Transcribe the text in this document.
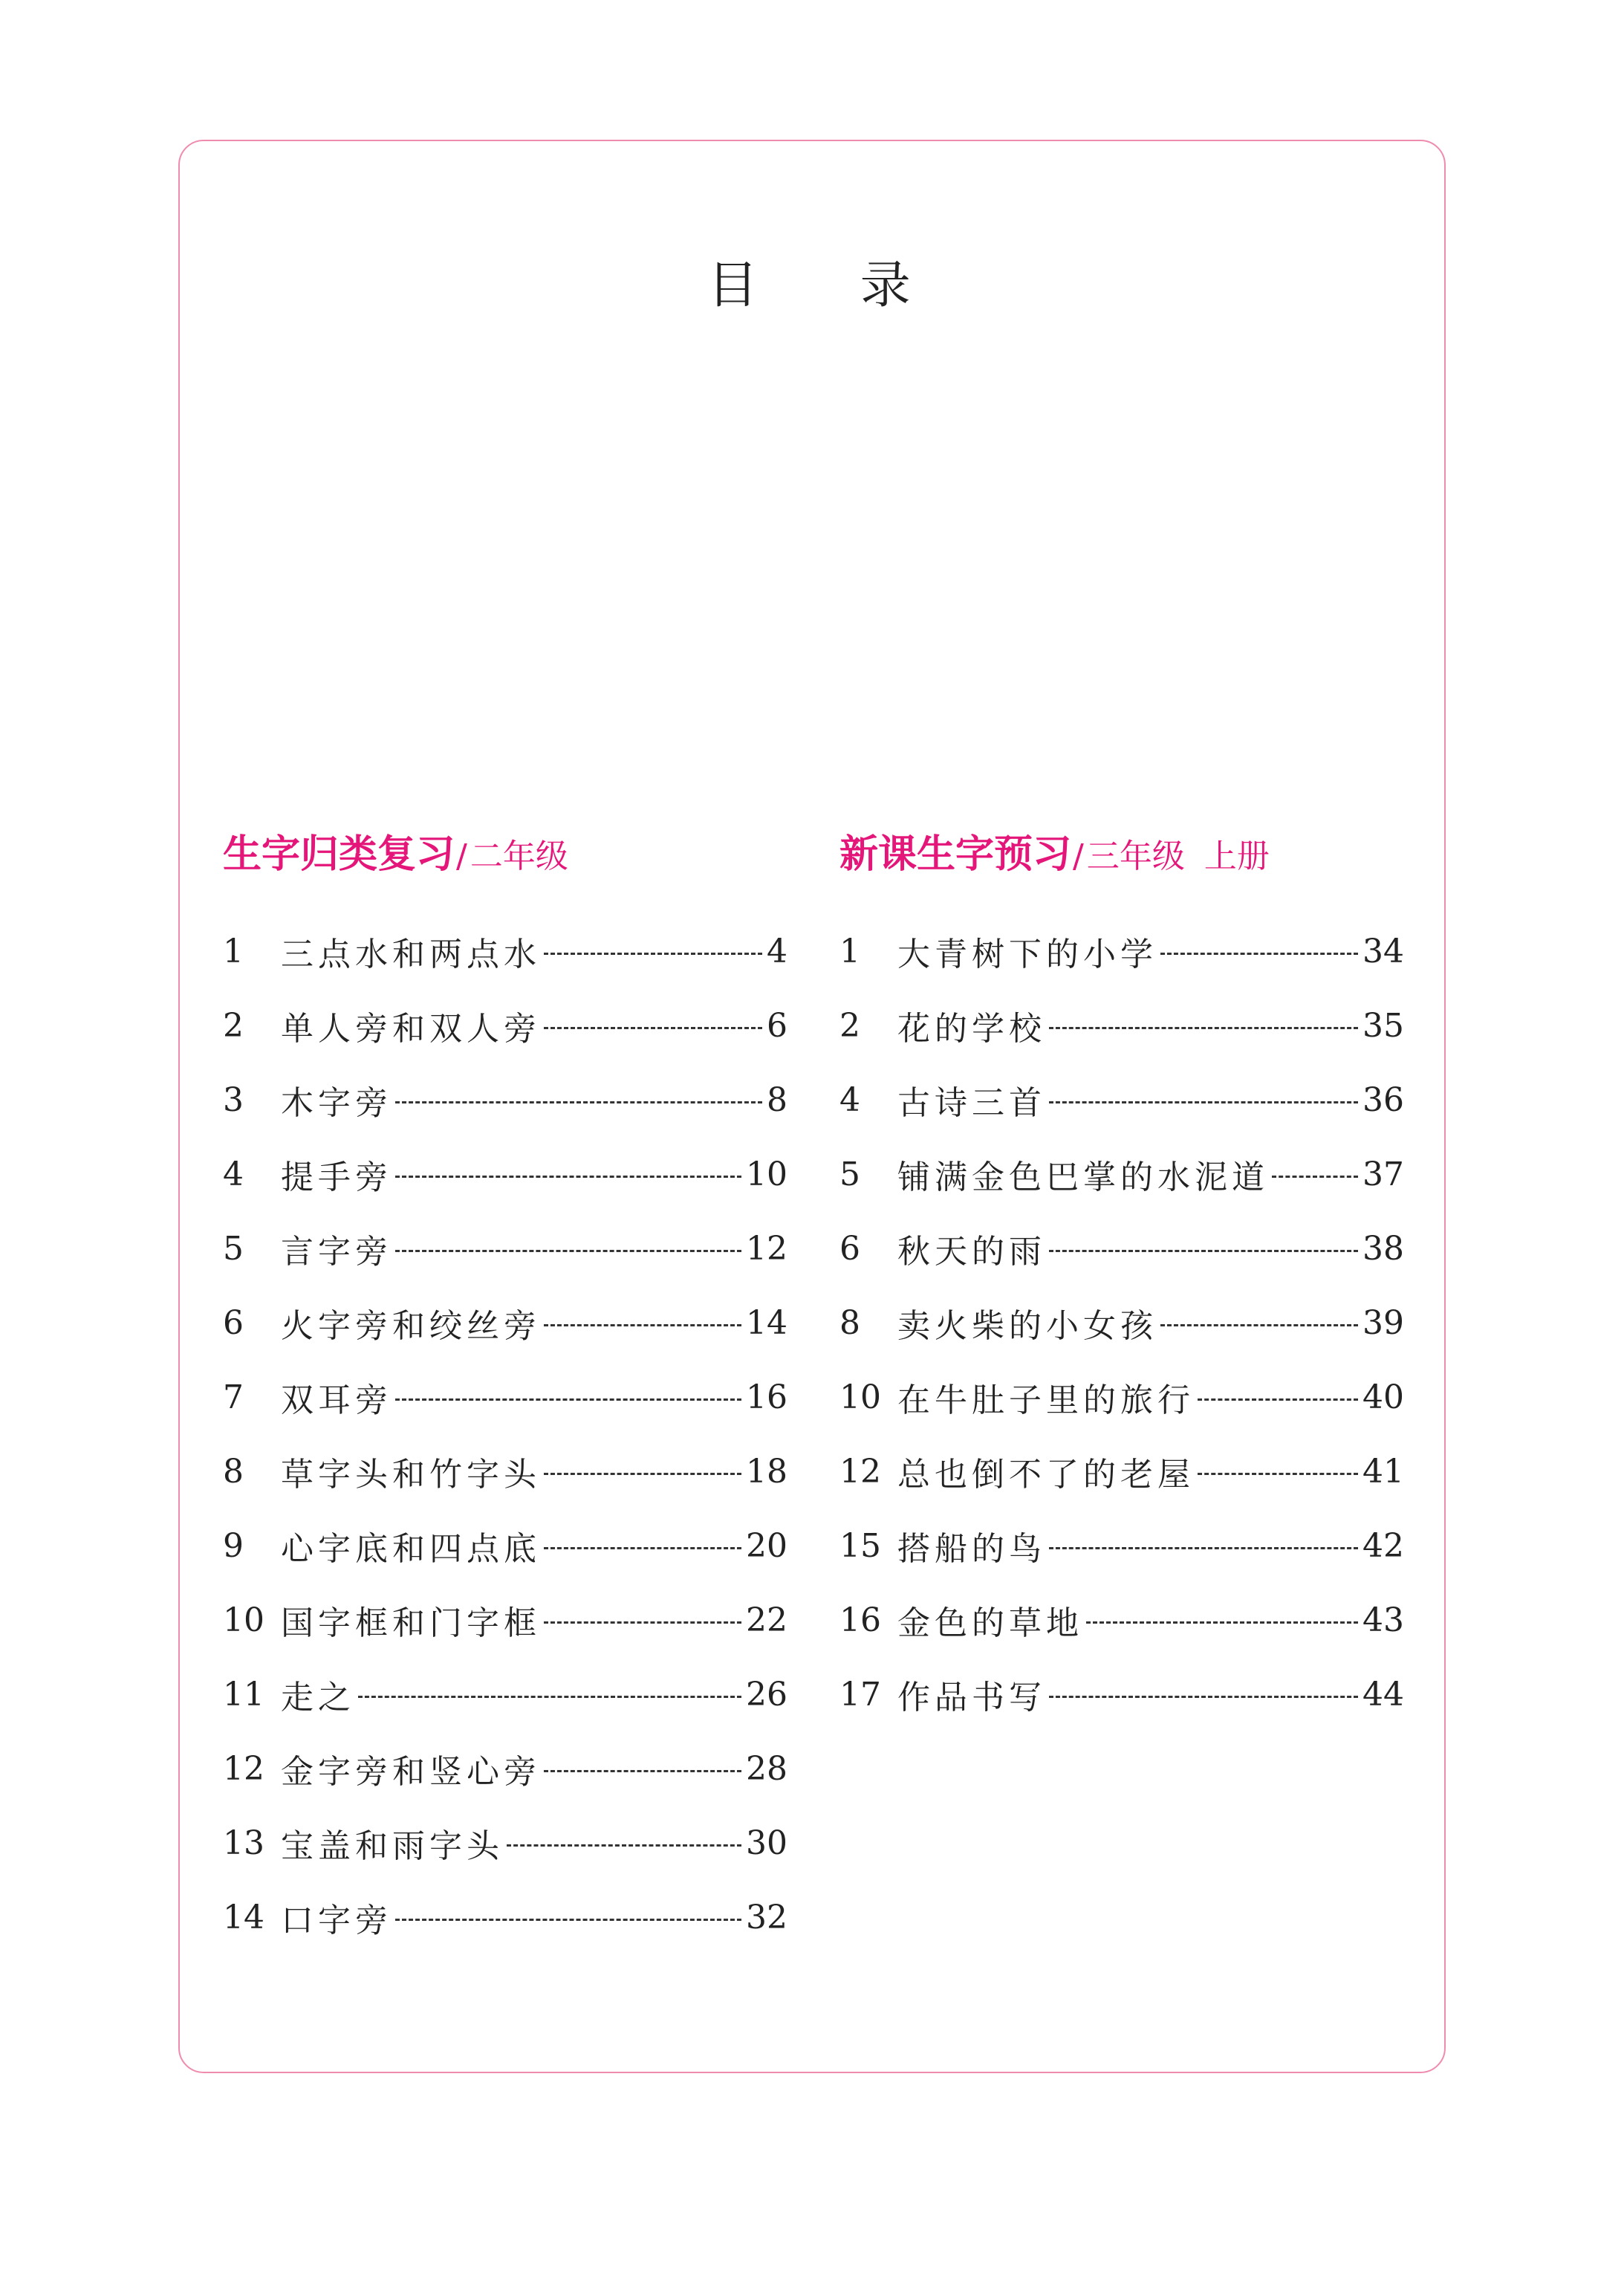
目 录
生字归类复习/二年级
1	三点水和两点水	4
2	单人旁和双人旁	6
3	木字旁	8
4	提手旁	10
5	言字旁	12
6	火字旁和绞丝旁	14
7	双耳旁	16
8	草字头和竹字头	18
9	心字底和四点底	20
10 国字框和门字框	22
11 走之	26
12 金字旁和竖心旁	28
13 宝盖和雨字头	30
14 口字旁	32
新课生字预习/三年级 上册
1	大青树下的小学	34
2	花的学校	35
4	古诗三首	36
5	铺满金色巴掌的水泥道	37
6	秋天的雨	38
8	卖火柴的小女孩	39
10 在牛肚子里的旅行	40
12 总也倒不了的老屋	41
15 搭船的鸟	42
16 金色的草地	43
17 作品书写	44
